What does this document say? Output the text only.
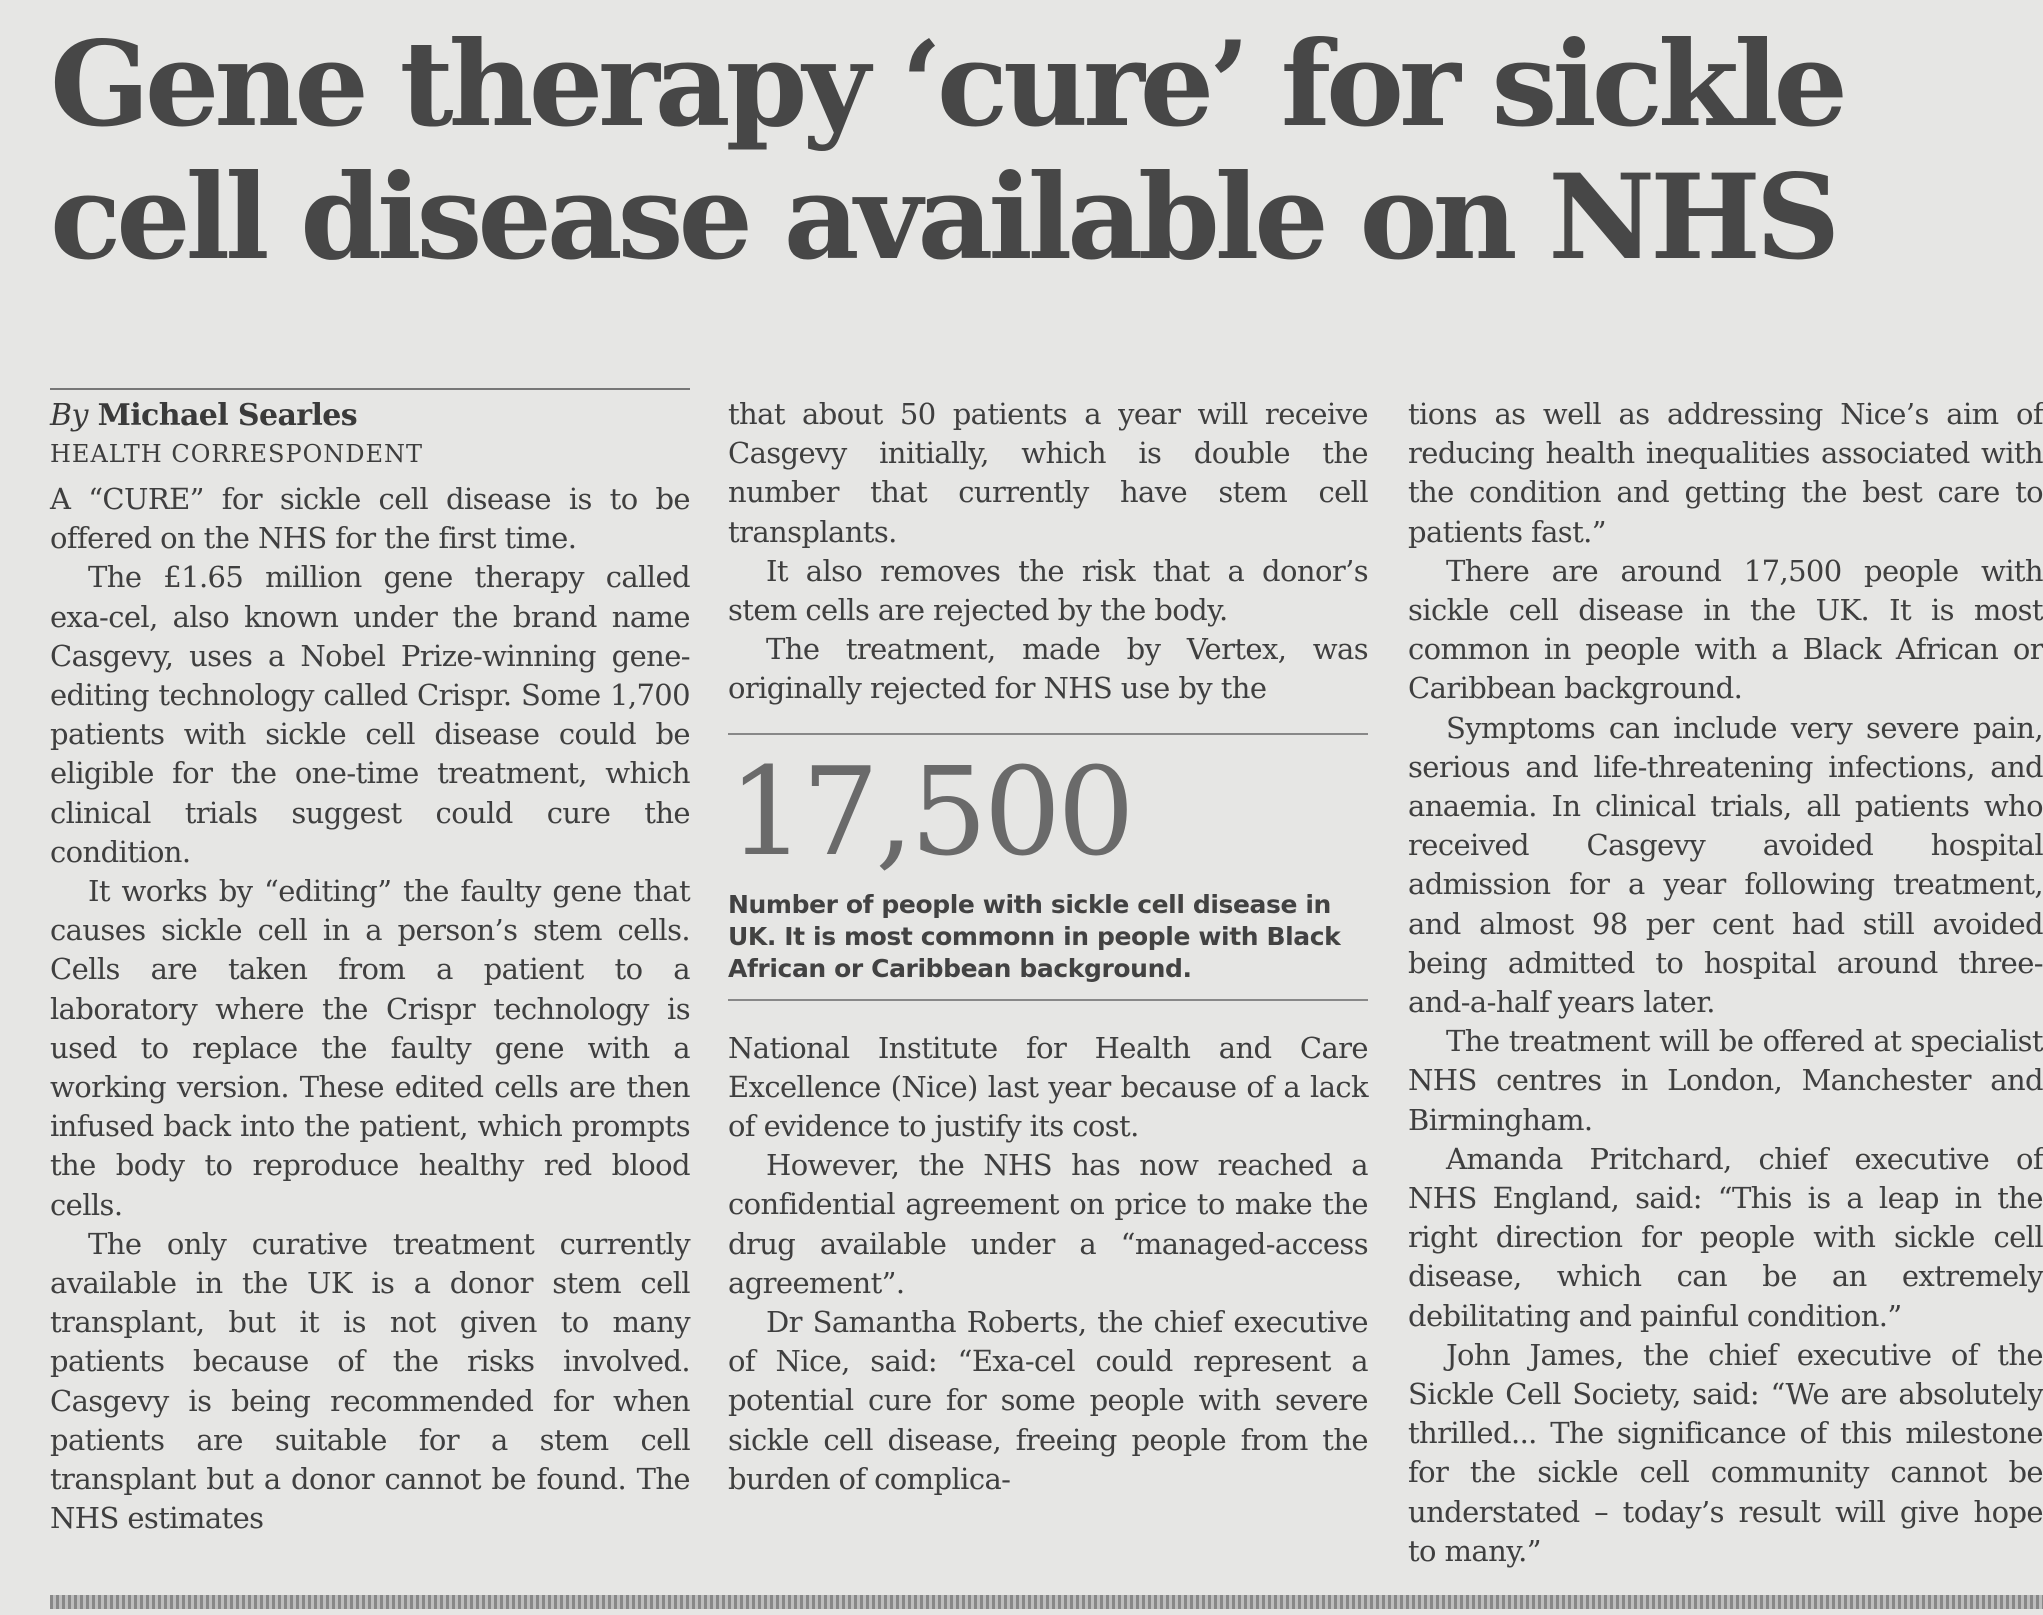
Gene therapy ‘cure’ for sickle
cell disease available on NHS
By Michael Searles
HEALTH CORRESPONDENT

A “CURE” for sickle cell disease is to be offered on the NHS for the first time.

The £1.65 million gene therapy called exa-cel, also known under the brand name Casgevy, uses a Nobel Prize-winning gene-editing technology called Crispr. Some 1,700 patients with sickle cell disease could be eligible for the one-time treatment, which clinical trials suggest could cure the condition.

It works by “editing” the faulty gene that causes sickle cell in a person’s stem cells. Cells are taken from a patient to a laboratory where the Crispr technology is used to replace the faulty gene with a working version. These edited cells are then infused back into the patient, which prompts the body to reproduce healthy red blood cells.

The only curative treatment currently available in the UK is a donor stem cell transplant, but it is not given to many patients because of the risks involved. Casgevy is being recommended for when patients are suitable for a stem cell transplant but a donor cannot be found. The NHS estimates

that about 50 patients a year will receive Casgevy initially, which is double the number that currently have stem cell transplants.

It also removes the risk that a donor’s stem cells are rejected by the body.

The treatment, made by Vertex, was originally rejected for NHS use by the

17,500
Number of people with sickle cell disease in UK. It is most commonn in people with Black African or Caribbean background.

National Institute for Health and Care Excellence (Nice) last year because of a lack of evidence to justify its cost.

However, the NHS has now reached a confidential agreement on price to make the drug available under a “managed-access agreement”.

Dr Samantha Roberts, the chief executive of Nice, said: “Exa-cel could represent a potential cure for some people with severe sickle cell disease, freeing people from the burden of complica-

tions as well as addressing Nice’s aim of reducing health inequalities associated with the condition and getting the best care to patients fast.”

There are around 17,500 people with sickle cell disease in the UK. It is most common in people with a Black African or Caribbean background.

Symptoms can include very severe pain, serious and life-threatening infections, and anaemia. In clinical trials, all patients who received Casgevy avoided hospital admission for a year following treatment, and almost 98 per cent had still avoided being admitted to hospital around three-and-a-half years later.

The treatment will be offered at specialist NHS centres in London, Manchester and Birmingham.

Amanda Pritchard, chief executive of NHS England, said: “This is a leap in the right direction for people with sickle cell disease, which can be an extremely debilitating and painful condition.”

John James, the chief executive of the Sickle Cell Society, said: “We are absolutely thrilled... The significance of this milestone for the sickle cell community cannot be understated – today’s result will give hope to many.”
